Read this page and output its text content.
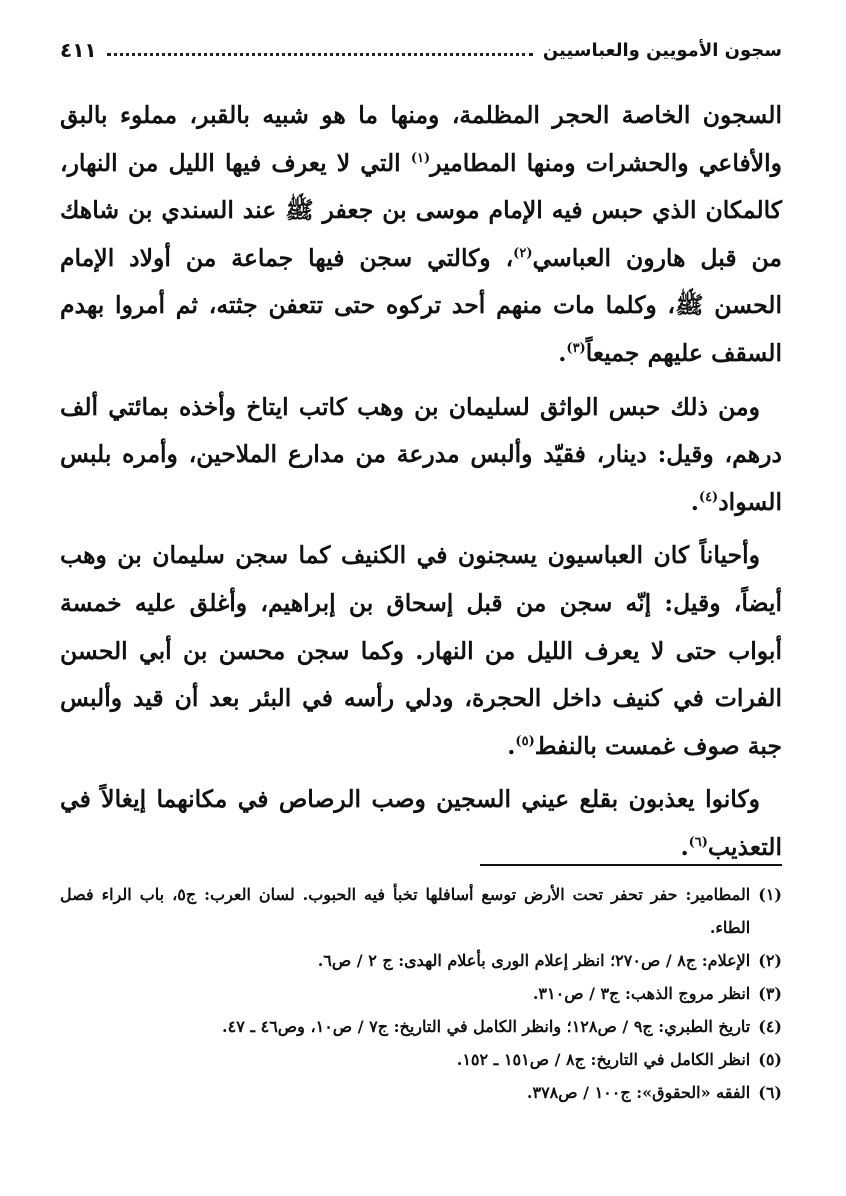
سجون الأمويين والعباسيين
٤١١

السجون الخاصة الحجر المظلمة، ومنها ما هو شبيه بالقبر، مملوء بالبق والأفاعي والحشرات ومنها المطامير$^{(١)}$ التي لا يعرف فيها الليل من النهار، كالمكان الذي حبس فيه الإمام موسى بن جعفر ﷺ عند السندي بن شاهك من قبل هارون العباسي$^{(٢)}$، وكالتي سجن فيها جماعة من أولاد الإمام الحسن ﷺ، وكلما مات منهم أحد تركوه حتى تتعفن جثته، ثم أمروا بهدم السقف عليهم جميعاً$^{(٣)}$.

ومن ذلك حبس الواثق لسليمان بن وهب كاتب ايتاخ وأخذه بمائتي ألف درهم، وقيل: دينار، فقيّد وألبس مدرعة من مدارع الملاحين، وأمره بلبس السواد$^{(٤)}$.

وأحياناً كان العباسيون يسجنون في الكنيف كما سجن سليمان بن وهب أيضاً، وقيل: إنّه سجن من قبل إسحاق بن إبراهيم، وأغلق عليه خمسة أبواب حتى لا يعرف الليل من النهار. وكما سجن محسن بن أبي الحسن الفرات في كنيف داخل الحجرة، ودلي رأسه في البئر بعد أن قيد وألبس جبة صوف غمست بالنفط$^{(٥)}$.

وكانوا يعذبون بقلع عيني السجين وصب الرصاص في مكانهما إيغالاً في التعذيب$^{(٦)}$.

(١)
المطامير: حفر تحفر تحت الأرض توسع أسافلها تخبأ فيه الحبوب. لسان العرب: ج٥، باب الراء فصل الطاء.
(٢)
الإعلام: ج٨ / ص٢٧٠؛ انظر إعلام الورى بأعلام الهدى: ج ٢ / ص٦.
(٣)
انظر مروج الذهب: ج٣ / ص٣١٠.
(٤)
تاريخ الطبري: ج٩ / ص١٢٨؛ وانظر الكامل في التاريخ: ج٧ / ص١٠، وص٤٦ ـ ٤٧.
(٥)
انظر الكامل في التاريخ: ج٨ / ص١٥١ ـ ١٥٢.
(٦)
الفقه «الحقوق»: ج١٠٠ / ص٣٧٨.
